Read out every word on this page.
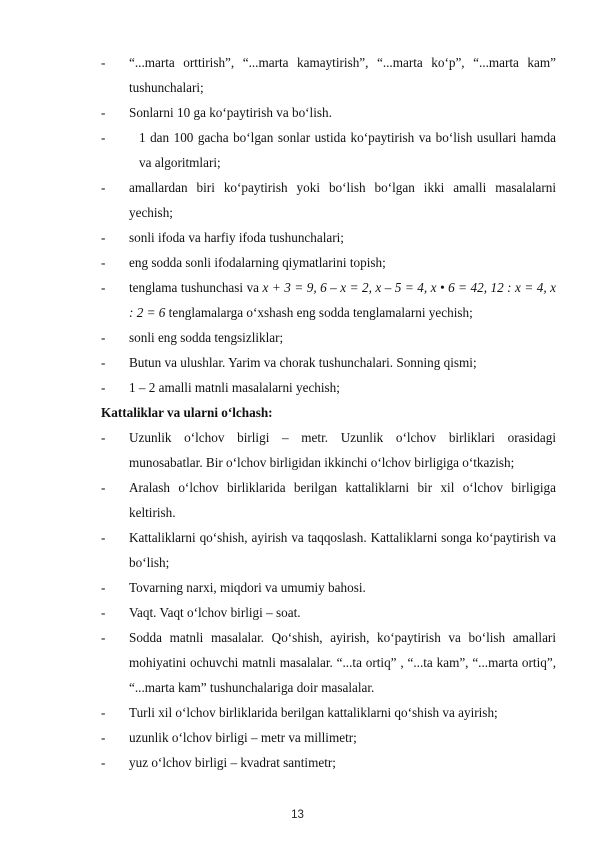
- “...marta orttirish”, “...marta kamaytirish”, “...marta ko‘p”, “...marta kam” tushunchalari;
- Sonlarni 10 ga ko‘paytirish va bo‘lish.
-	1 dan 100 gacha bo‘lgan sonlar ustida ko‘paytirish va bo‘lish usullari hamda va algoritmlari;
- amallardan biri ko‘paytirish yoki bo‘lish bo‘lgan ikki amalli masalalarni yechish;
- sonli ifoda va harfiy ifoda tushunchalari;
- eng sodda sonli ifodalarning qiymatlarini topish;
- tenglama tushunchasi va x + 3 = 9, 6 – x = 2, x – 5 = 4, x • 6 = 42, 12 : x = 4, x : 2 = 6 tenglamalarga o‘xshash eng sodda tenglamalarni yechish;
- sonli eng sodda tengsizliklar;
- Butun va ulushlar. Yarim va chorak tushunchalari. Sonning qismi;
- 1 – 2 amalli matnli masalalarni yechish;
Kattaliklar va ularni o‘lchash:
- Uzunlik o‘lchov birligi – metr. Uzunlik o‘lchov birliklari orasidagi munosabatlar. Bir o‘lchov birligidan ikkinchi o‘lchov birligiga o‘tkazish;
- Aralash o‘lchov birliklarida berilgan kattaliklarni bir xil o‘lchov birligiga keltirish.
- Kattaliklarni qo‘shish, ayirish va taqqoslash. Kattaliklarni songa ko‘paytirish va bo‘lish;
- Tovarning narxi, miqdori va umumiy bahosi.
- Vaqt. Vaqt o‘lchov birligi – soat.
- Sodda matnli masalalar. Qo‘shish, ayirish, ko‘paytirish va bo‘lish amallari mohiyatini ochuvchi matnli masalalar. “...ta ortiq” , “...ta kam”, “...marta ortiq”, “...marta kam” tushunchalariga doir masalalar.
- Turli xil o‘lchov birliklarida berilgan kattaliklarni qo‘shish va ayirish;
- uzunlik o‘lchov birligi – metr va millimetr;
- yuz o‘lchov birligi – kvadrat santimetr;
13
